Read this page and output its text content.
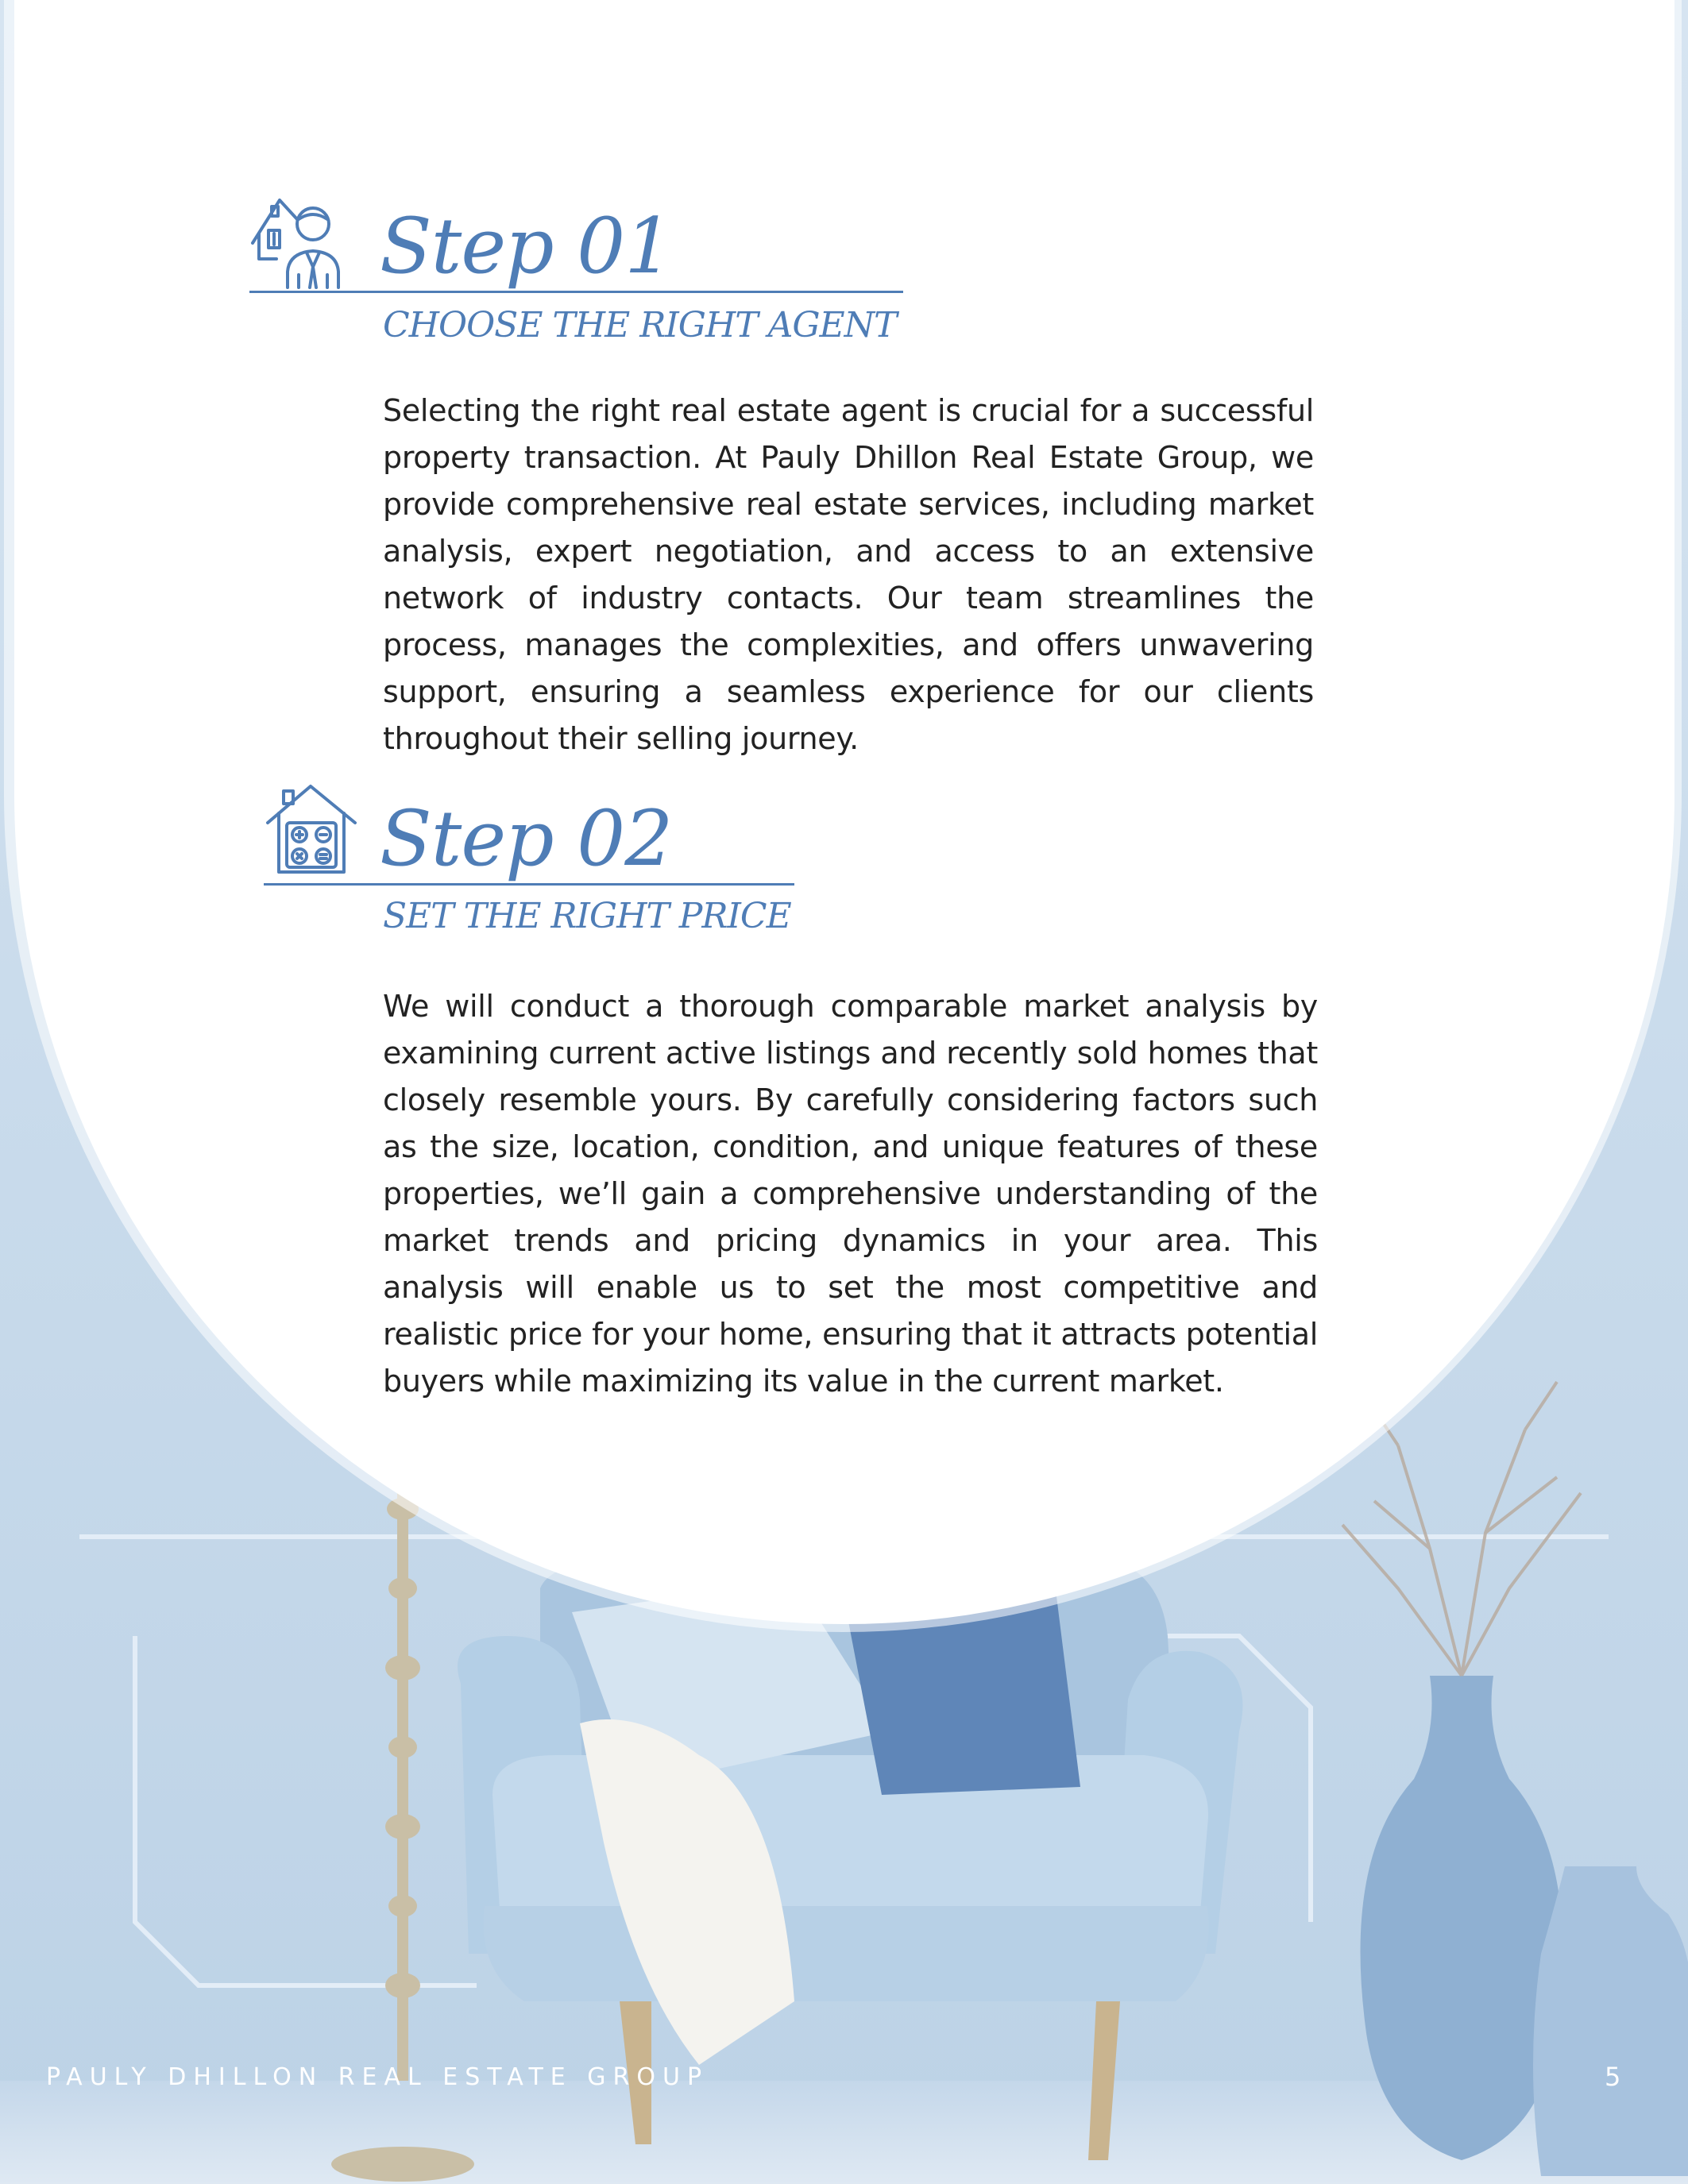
Step 01
CHOOSE THE RIGHT AGENT

Selecting the right real estate agent is crucial for a successful property transaction. At Pauly Dhillon Real Estate Group, we provide comprehensive real estate services, including market analysis, expert negotiation, and access to an extensive network of industry contacts. Our team streamlines the process, manages the complexities, and offers unwavering support, ensuring a seamless experience for our clients throughout their selling journey.

Step 02
SET THE RIGHT PRICE

We will conduct a thorough comparable market analysis by examining current active listings and recently sold homes that closely resemble yours. By carefully considering factors such as the size, location, condition, and unique features of these properties, we’ll gain a comprehensive understanding of the market trends and pricing dynamics in your area. This analysis will enable us to set the most competitive and realistic price for your home, ensuring that it attracts potential buyers while maximizing its value in the current market.

PAULY DHILLON REAL ESTATE GROUP	5
